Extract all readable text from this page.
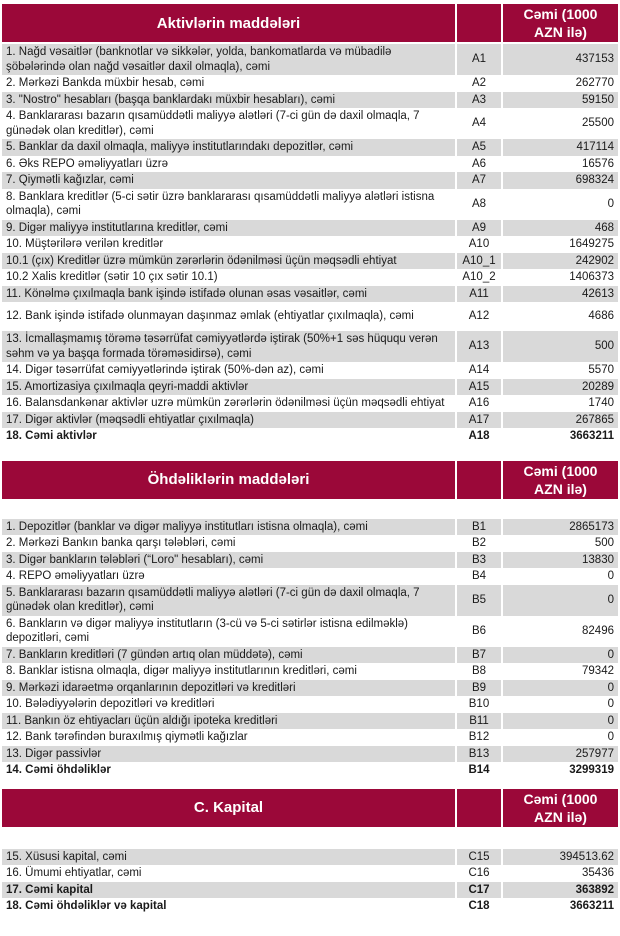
Aktivlərin maddələri
Cəmi (1000 AZN ilə)
1. Nağd vəsaitlər (banknotlar və sikkələr, yolda, bankomatlarda və mübadilə şöbələrində olan nağd vəsaitlər daxil olmaqla), cəmi
A1	437153
2. Mərkəzi Bankda müxbir hesab, cəmi	A2	262770
3. "Nostro" hesabları (başqa banklardakı müxbir hesabları), cəmi	A3	59150
4. Banklararası bazarın qısamüddətli maliyyə alətləri (7-ci gün də daxil olmaqla, 7 günədək olan kreditlər), cəmi
A4	25500
5. Banklar da daxil olmaqla, maliyyə institutlarındakı depozitlər, cəmi	A5	417114
6. Əks REPO əməliyyatları üzrə	A6	16576
7. Qiymətli kağızlar, cəmi	A7	698324
8. Banklara kreditlər (5-ci sətir üzrə banklararası qısamüddətli maliyyə alətləri istisna olmaqla), cəmi
A8	0
9. Digər maliyyə institutlarına kreditlər, cəmi	A9	468
10. Müştərilərə verilən kreditlər	A10	1649275
10.1 (çıx) Kreditlər üzrə mümkün zərərlərin ödənilməsi üçün məqsədli ehtiyat	A10_1	242902
10.2 Xalis kreditlər (sətir 10 çıx sətir 10.1)	A10_2	1406373
11. Könəlmə çıxılmaqla bank işində istifadə olunan əsas vəsaitlər, cəmi	A11	42613
12. Bank işində istifadə olunmayan daşınmaz əmlak (ehtiyatlar çıxılmaqla), cəmi	A12	4686
13. İcmallaşmamış törəmə təsərrüfat cəmiyyətlərdə iştirak (50%+1 səs hüququ verən səhm və ya başqa formada törəməsidirsə), cəmi
A13	500
14. Digər təsərrüfat cəmiyyətlərində iştirak (50%-dən az), cəmi	A14	5570
15. Amortizasiya çıxılmaqla qeyri-maddi aktivlər	A15	20289
16. Balansdankənar aktivlər uzrə mümkün zərərlərin ödənilməsi üçün məqsədli ehtiyat	A16	1740
17. Digər aktivlər (məqsədli ehtiyatlar çıxılmaqla)	A17	267865
18. Cəmi aktivlər	A18	3663211
Öhdəliklərin maddələri
Cəmi (1000 AZN ilə)
1. Depozitlər (banklar və digər maliyyə institutları istisna olmaqla), cəmi	B1	2865173
2. Mərkəzi Bankın banka qarşı tələbləri, cəmi	B2	500
3. Digər bankların tələbləri (“Loro" hesabları), cəmi	B3	13830
4. REPO əməliyyatları üzrə	B4	0
5. Banklararası bazarın qısamüddətli maliyyə alətləri (7-ci gün də daxil olmaqla, 7 günədək olan kreditlər), cəmi
B5	0
6. Bankların və digər maliyyə institutların (3-cü və 5-ci sətirlər istisna edilməklə) depozitləri, cəmi
B6	82496
7. Bankların kreditləri (7 gündən artıq olan müddətə), cəmi	B7	0
8. Banklar istisna olmaqla, digər maliyyə institutlarının kreditləri, cəmi	B8	79342
9. Mərkəzi idarəetmə orqanlarının depozitləri və kreditləri	B9	0
10. Bələdiyyələrin depozitləri və kreditləri	B10	0
11. Bankın öz ehtiyacları üçün aldığı ipoteka kreditləri	B11	0
12. Bank tərəfindən buraxılmış qiymətli kağızlar	B12	0
13. Digər passivlər	B13	257977
14. Cəmi öhdəliklər	B14	3299319
C. Kapital
Cəmi (1000 AZN ilə)
15. Xüsusi kapital, cəmi	C15	394513.62
16. Ümumi ehtiyatlar, cəmi	C16	35436
17. Cəmi kapital	C17	363892
18. Cəmi öhdəliklər və kapital	C18	3663211
